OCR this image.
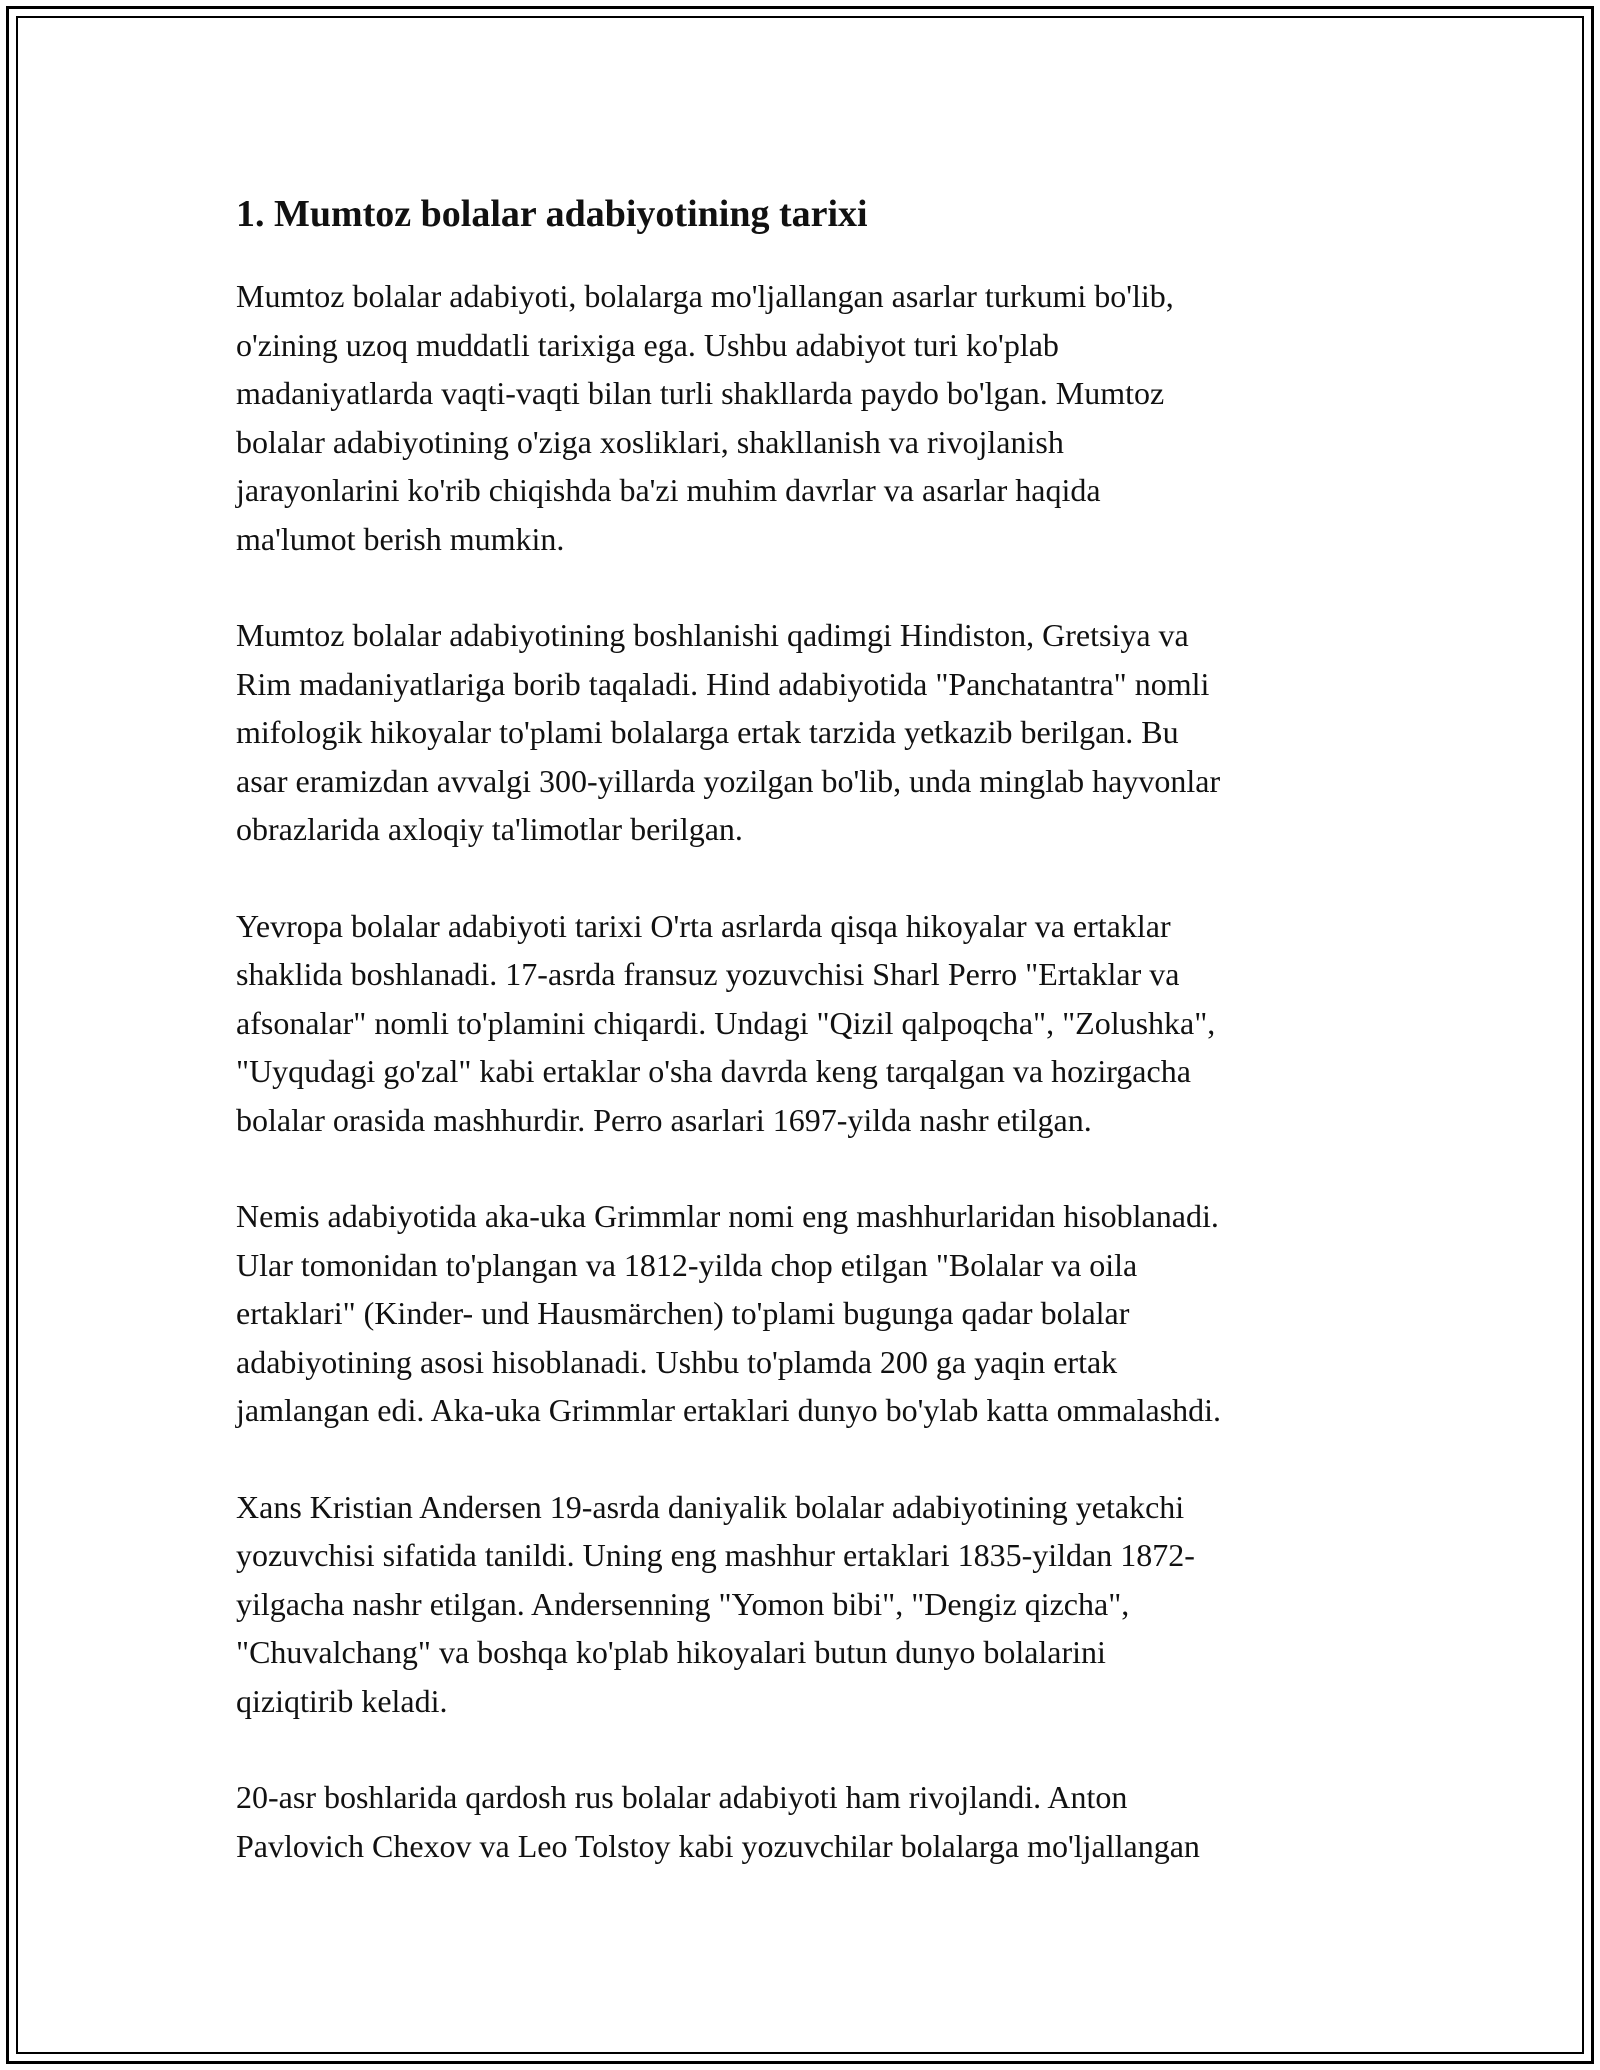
1. Mumtoz bolalar adabiyotining tarixi

Mumtoz bolalar adabiyoti, bolalarga mo'ljallangan asarlar turkumi bo'lib,
o'zining uzoq muddatli tarixiga ega. Ushbu adabiyot turi ko'plab
madaniyatlarda vaqti-vaqti bilan turli shakllarda paydo bo'lgan. Mumtoz
bolalar adabiyotining o'ziga xosliklari, shakllanish va rivojlanish
jarayonlarini ko'rib chiqishda ba'zi muhim davrlar va asarlar haqida
ma'lumot berish mumkin.

Mumtoz bolalar adabiyotining boshlanishi qadimgi Hindiston, Gretsiya va
Rim madaniyatlariga borib taqaladi. Hind adabiyotida "Panchatantra" nomli
mifologik hikoyalar to'plami bolalarga ertak tarzida yetkazib berilgan. Bu
asar eramizdan avvalgi 300-yillarda yozilgan bo'lib, unda minglab hayvonlar
obrazlarida axloqiy ta'limotlar berilgan.

Yevropa bolalar adabiyoti tarixi O'rta asrlarda qisqa hikoyalar va ertaklar
shaklida boshlanadi. 17-asrda fransuz yozuvchisi Sharl Perro "Ertaklar va
afsonalar" nomli to'plamini chiqardi. Undagi "Qizil qalpoqcha", "Zolushka",
"Uyqudagi go'zal" kabi ertaklar o'sha davrda keng tarqalgan va hozirgacha
bolalar orasida mashhurdir. Perro asarlari 1697-yilda nashr etilgan.

Nemis adabiyotida aka-uka Grimmlar nomi eng mashhurlaridan hisoblanadi.
Ular tomonidan to'plangan va 1812-yilda chop etilgan "Bolalar va oila
ertaklari" (Kinder- und Hausmärchen) to'plami bugunga qadar bolalar
adabiyotining asosi hisoblanadi. Ushbu to'plamda 200 ga yaqin ertak
jamlangan edi. Aka-uka Grimmlar ertaklari dunyo bo'ylab katta ommalashdi.

Xans Kristian Andersen 19-asrda daniyalik bolalar adabiyotining yetakchi
yozuvchisi sifatida tanildi. Uning eng mashhur ertaklari 1835-yildan 1872-
yilgacha nashr etilgan. Andersenning "Yomon bibi", "Dengiz qizcha",
"Chuvalchang" va boshqa ko'plab hikoyalari butun dunyo bolalarini
qiziqtirib keladi.

20-asr boshlarida qardosh rus bolalar adabiyoti ham rivojlandi. Anton
Pavlovich Chexov va Leo Tolstoy kabi yozuvchilar bolalarga mo'ljallangan
